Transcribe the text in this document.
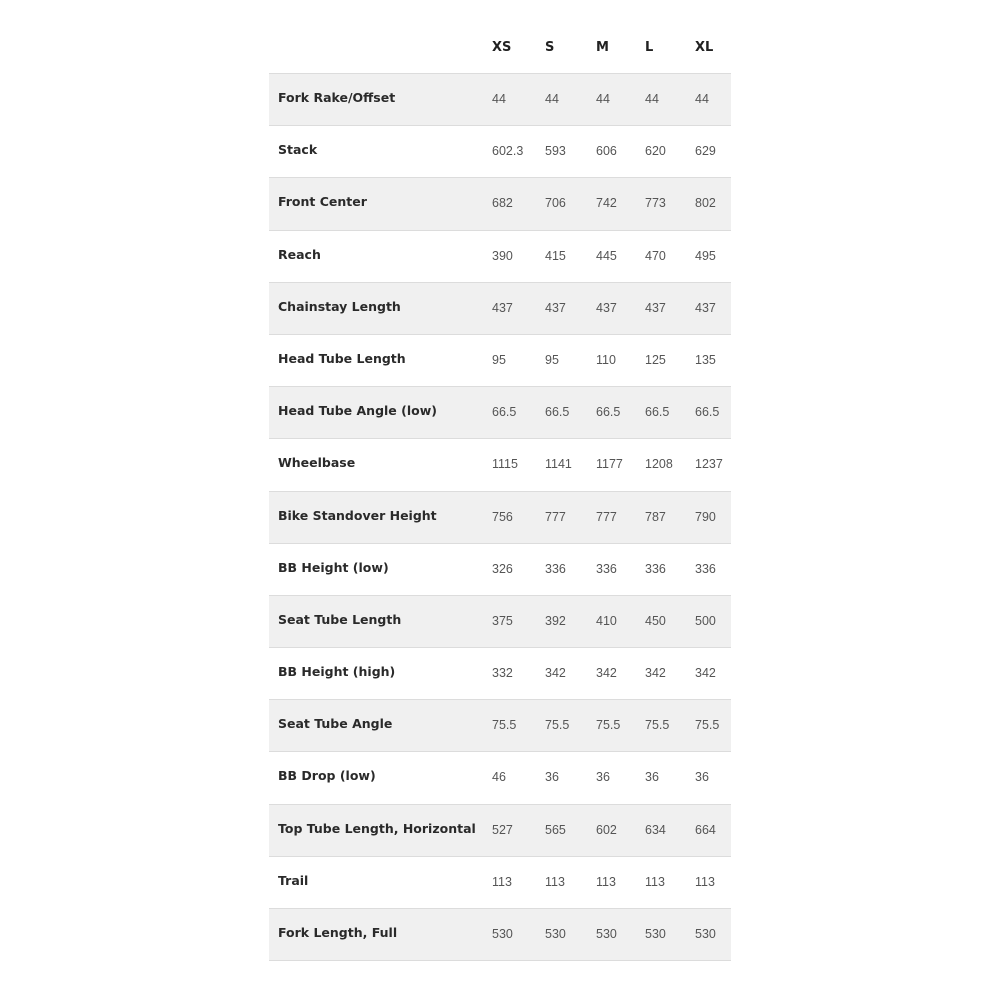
XS	S	M	L	XL
Fork Rake/Offset	44	44	44	44	44
Stack	602.3 593 606 620 629
Front Center	682	706 742 773 802
Reach	390	415 445 470 495
Chainstay Length	437	437 437 437 437
Head Tube Length	95	95	110 125 135
Head Tube Angle (low)	66.5 66.5 66.5 66.5 66.5
Wheelbase	1115 1141 1177 1208 1237
Bike Standover Height	756	777 777 787 790
BB Height (low)	326	336 336 336 336
Seat Tube Length	375	392 410 450 500
BB Height (high)	332	342 342 342 342
Seat Tube Angle	75.5 75.5 75.5 75.5 75.5
BB Drop (low)	46	36	36	36	36
Top Tube Length, Horizontal 527	565 602 634 664
Trail	113	113 113 113 113
Fork Length, Full	530	530 530 530 530
